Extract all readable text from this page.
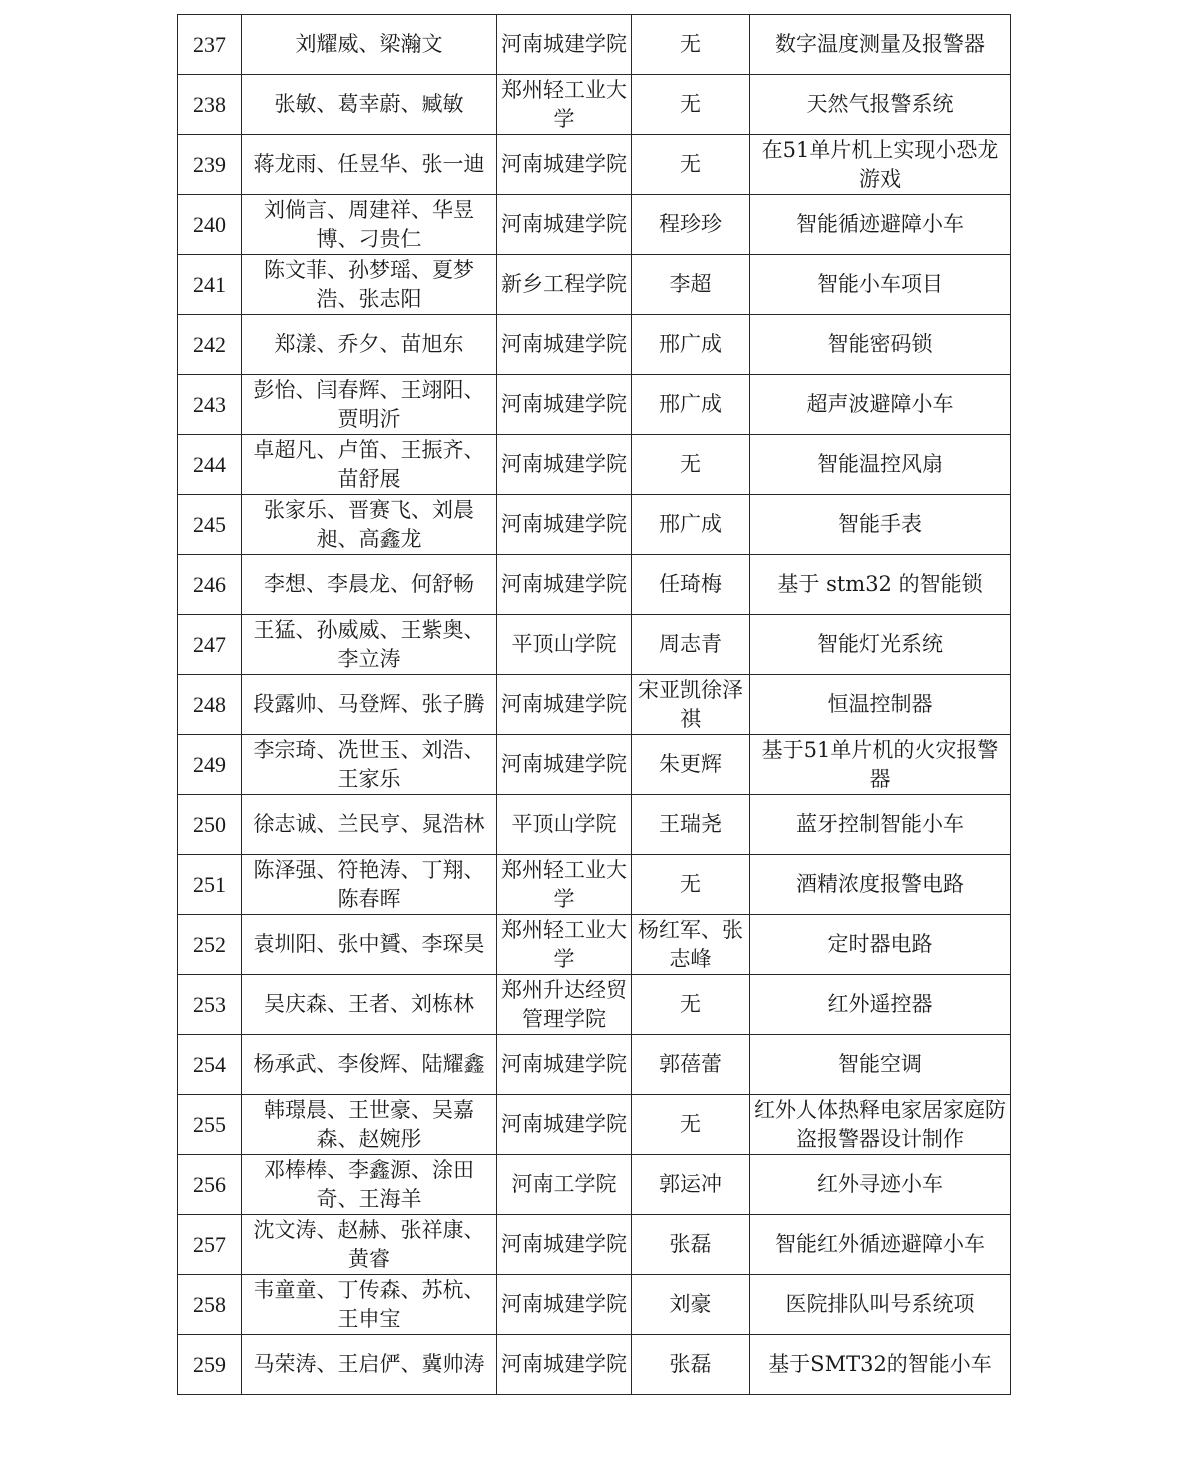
237	刘耀威、梁瀚文	河南城建学院	无	数字温度测量及报警器
238	张敏、葛幸蔚、臧敏	郑州轻工业大学	无	天然气报警系统
239	蒋龙雨、任昱华、张一迪	河南城建学院	无	在51单片机上实现小恐龙游戏
240	刘倘言、周建祥、华昱博、刁贵仁	河南城建学院	程珍珍	智能循迹避障小车
241	陈文菲、孙梦瑶、夏梦浩、张志阳	新乡工程学院	李超	智能小车项目
242	郑漾、乔夕、苗旭东	河南城建学院	邢广成	智能密码锁
243	彭怡、闫春辉、王翊阳、贾明沂	河南城建学院	邢广成	超声波避障小车
244	卓超凡、卢笛、王振齐、苗舒展	河南城建学院	无	智能温控风扇
245	张家乐、晋赛飞、刘晨昶、高鑫龙	河南城建学院	邢广成	智能手表
246	李想、李晨龙、何舒畅	河南城建学院	任琦梅	基于 stm32 的智能锁
247	王猛、孙威威、王紫奥、李立涛	平顶山学院	周志青	智能灯光系统
248	段露帅、马登辉、张子腾	河南城建学院	宋亚凯徐泽祺	恒温控制器
249	李宗琦、冼世玉、刘浩、王家乐	河南城建学院	朱更辉	基于51单片机的火灾报警器
250	徐志诚、兰民亨、晁浩林	平顶山学院	王瑞尧	蓝牙控制智能小车
251	陈泽强、符艳涛、丁翔、陈春晖	郑州轻工业大学	无	酒精浓度报警电路
252	袁圳阳、张中贇、李琛昊	郑州轻工业大学	杨红军、张志峰	定时器电路
253	吴庆森、王者、刘栋林	郑州升达经贸管理学院	无	红外遥控器
254	杨承武、李俊辉、陆耀鑫	河南城建学院	郭蓓蕾	智能空调
255	韩璟晨、王世豪、吴嘉森、赵婉彤	河南城建学院	无	红外人体热释电家居家庭防盗报警器设计制作
256	邓棒棒、李鑫源、涂田奇、王海羊	河南工学院	郭运冲	红外寻迹小车
257	沈文涛、赵赫、张祥康、黄睿	河南城建学院	张磊	智能红外循迹避障小车
258	韦童童、丁传森、苏杭、王申宝	河南城建学院	刘豪	医院排队叫号系统项
259	马荣涛、王启俨、冀帅涛	河南城建学院	张磊	基于SMT32的智能小车
